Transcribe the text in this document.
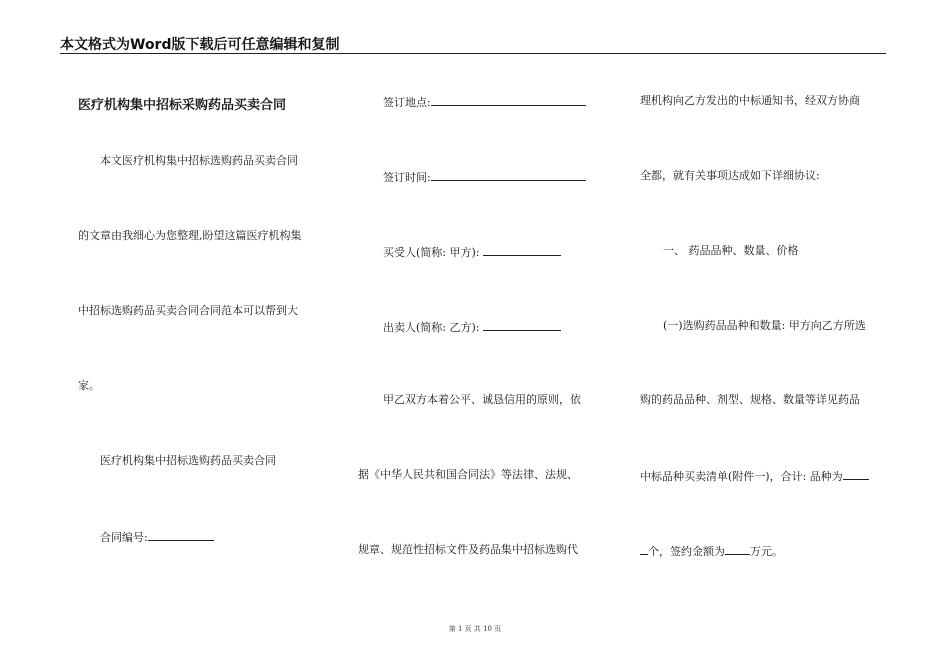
本文格式为Word版下载后可任意编辑和复制
医疗机构集中招标采购药品买卖合同
本文医疗机构集中招标选购药品买卖合同
的文章由我细心为您整理,盼望这篇医疗机构集
中招标选购药品买卖合同合同范本可以帮到大
家。
医疗机构集中招标选购药品买卖合同
合同编号:
签订地点:
签订时间:
买受人(简称: 甲方):
出卖人(简称: 乙方):
甲乙双方本着公平、诚恳信用的原则，依
据《中华人民共和国合同法》等法律、法规、
规章、规范性招标文件及药品集中招标选购代
理机构向乙方发出的中标通知书，经双方协商
全都，就有关事项达成如下详细协议:
一、 药品品种、数量、价格
(一)选购药品品种和数量: 甲方向乙方所选
购的药品品种、剂型、规格、数量等详见药品
中标品种买卖清单(附件一)，合计: 品种为
个，签约金额为 万元。
第 1 页 共 10 页
